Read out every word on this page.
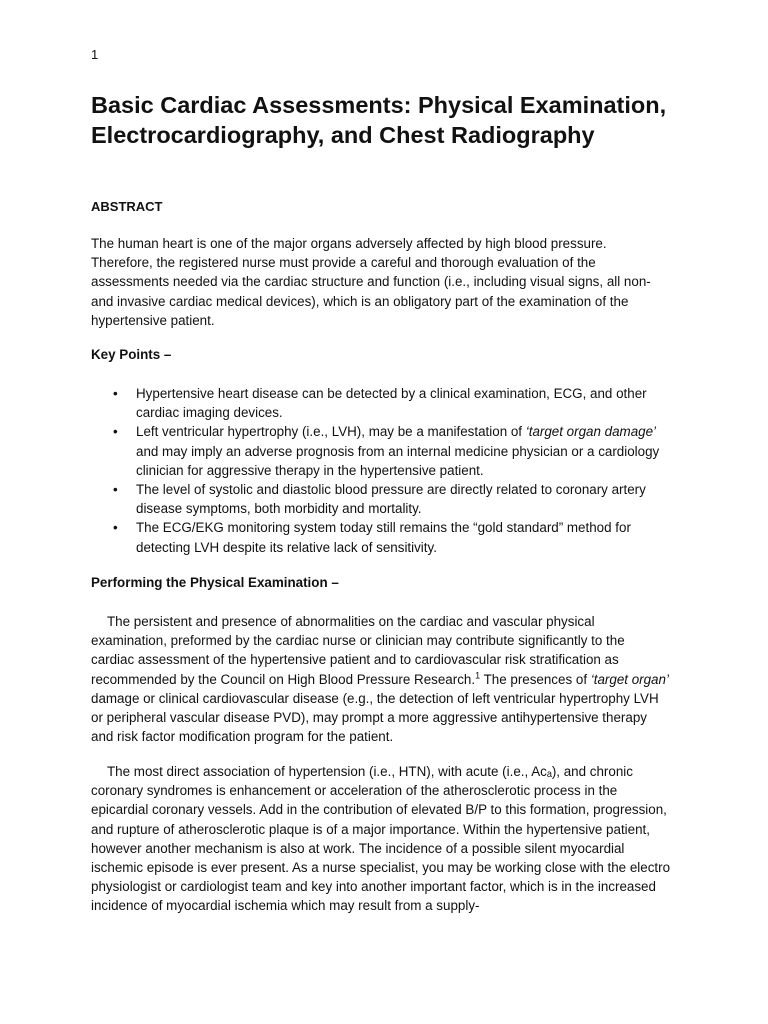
1
Basic Cardiac Assessments: Physical Examination, Electrocardiography, and Chest Radiography
ABSTRACT

The human heart is one of the major organs adversely affected by high blood pressure. Therefore, the registered nurse must provide a careful and thorough evaluation of the assessments needed via the cardiac structure and function (i.e., including visual signs, all non- and invasive cardiac medical devices), which is an obligatory part of the examination of the hypertensive patient.

Key Points –
• Hypertensive heart disease can be detected by a clinical examination, ECG, and other cardiac imaging devices.
• Left ventricular hypertrophy (i.e., LVH), may be a manifestation of ‘target organ damage’ and may imply an adverse prognosis from an internal medicine physician or a cardiology clinician for aggressive therapy in the hypertensive patient.
• The level of systolic and diastolic blood pressure are directly related to coronary artery disease symptoms, both morbidity and mortality.
• The ECG/EKG monitoring system today still remains the “gold standard” method for detecting LVH despite its relative lack of sensitivity.
Performing the Physical Examination –

The persistent and presence of abnormalities on the cardiac and vascular physical examination, preformed by the cardiac nurse or clinician may contribute significantly to the cardiac assessment of the hypertensive patient and to cardiovascular risk stratification as recommended by the Council on High Blood Pressure Research.$^1$ The presences of ‘target organ’ damage or clinical cardiovascular disease (e.g., the detection of left ventricular hypertrophy LVH or peripheral vascular disease PVD), may prompt a more aggressive antihypertensive therapy and risk factor modification program for the patient.

The most direct association of hypertension (i.e., HTN), with acute (i.e., Acₐ), and chronic coronary syndromes is enhancement or acceleration of the atherosclerotic process in the epicardial coronary vessels. Add in the contribution of elevated B/P to this formation, progression, and rupture of atherosclerotic plaque is of a major importance. Within the hypertensive patient, however another mechanism is also at work. The incidence of a possible silent myocardial ischemic episode is ever present. As a nurse specialist, you may be working close with the electro physiologist or cardiologist team and key into another important factor, which is in the increased incidence of myocardial ischemia which may result from a supply-
